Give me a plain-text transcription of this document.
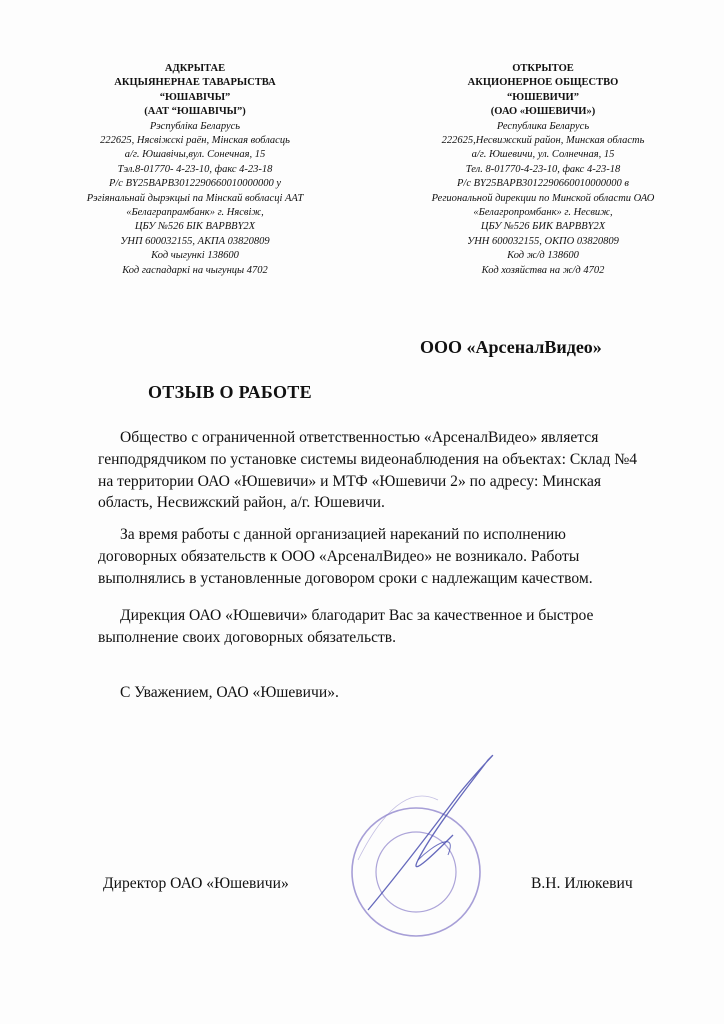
АДКРЫТАЕ
АКЦЫЯНЕРНАЕ ТАВАРЫСТВА
“ЮШАВІЧЫ”
(ААТ “ЮШАВІЧЫ”)
Рэспубліка Беларусь
222625, Нясвіжскі раён, Мінская вобласць
а/г. Юшавічы,вул. Сонечная, 15
Тэл.8-01770- 4-23-10, факс 4-23-18
Р/с BY25BAPB3012290660010000000 у
Рэгіянальнай дырэкцыі па Мінскай вобласці ААТ
«Белаграпрамбанк» г. Нясвіж,
ЦБУ №526 БІК BAPBBY2X
УНП 600032155, АКПА 03820809
Код чыгункі 138600
Код гаспадаркі на чыгунцы 4702
ОТКРЫТОЕ
АКЦИОНЕРНОЕ ОБЩЕСТВО
“ЮШЕВИЧИ”
(ОАО «ЮШЕВИЧИ»)
Республика Беларусь
222625,Несвижский район, Минская область
а/г. Юшевичи, ул. Солнечная, 15
Тел. 8-01770-4-23-10, факс 4-23-18
Р/с BY25BAPB3012290660010000000 в
Региональной дирекции по Минской области ОАО
«Белагропромбанк» г. Несвиж,
ЦБУ №526 БИК BAPBBY2X
УНН 600032155, ОКПО 03820809
Код ж/д 138600
Код хозяйства на ж/д 4702
ООО «АрсеналВидео»
ОТЗЫВ О РАБОТЕ

Общество с ограниченной ответственностью «АрсеналВидео» является генподрядчиком по установке системы видеонаблюдения на объектах: Склад №4 на территории ОАО «Юшевичи» и МТФ «Юшевичи 2» по адресу: Минская область, Несвижский район, а/г. Юшевичи.

За время работы с данной организацией нареканий по исполнению договорных обязательств к ООО «АрсеналВидео» не возникало. Работы выполнялись в установленные договором сроки с надлежащим качеством.

Дирекция ОАО «Юшевичи» благодарит Вас за качественное и быстрое выполнение своих договорных обязательств.

С Уважением, ОАО «Юшевичи».
Директор ОАО «Юшевичи»	В.Н. Илюкевич
